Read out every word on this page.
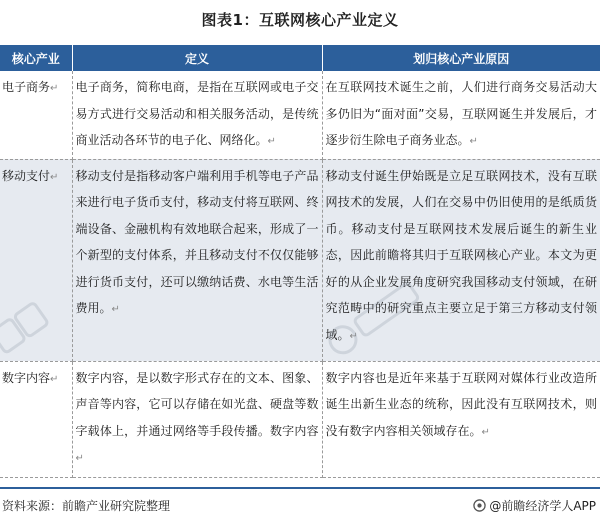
图表1：互联网核心产业定义
核心产业	定义	划归核心产业原因
电子商务↵	电子商务，简称电商，是指在互联网或电子交易方式进行交易活动和相关服务活动，是传统商业活动各环节的电子化、网络化。↵	在互联网技术诞生之前，人们进行商务交易活动大多仍旧为“面对面”交易，互联网诞生并发展后，才逐步衍生除电子商务业态。↵
移动支付↵	移动支付是指移动客户端利用手机等电子产品来进行电子货币支付，移动支付将互联网、终端设备、金融机构有效地联合起来，形成了一个新型的支付体系，并且移动支付不仅仅能够进行货币支付，还可以缴纳话费、水电等生活费用。↵	移动支付诞生伊始既是立足互联网技术，没有互联网技术的发展，人们在交易中仍旧使用的是纸质货币。移动支付是互联网技术发展后诞生的新生业态，因此前瞻将其归于互联网核心产业。本文为更好的从企业发展角度研究我国移动支付领域，在研究范畴中的研究重点主要立足于第三方移动支付领域。↵
数字内容↵	数字内容，是以数字形式存在的文本、图象、声音等内容，它可以存储在如光盘、硬盘等数字载体上，并通过网络等手段传播。数字内容↵	数字内容也是近年来基于互联网对媒体行业改造所诞生出新生业态的统称，因此没有互联网技术，则没有数字内容相关领域存在。↵
资料来源：前瞻产业研究院整理	@前瞻经济学人APP
